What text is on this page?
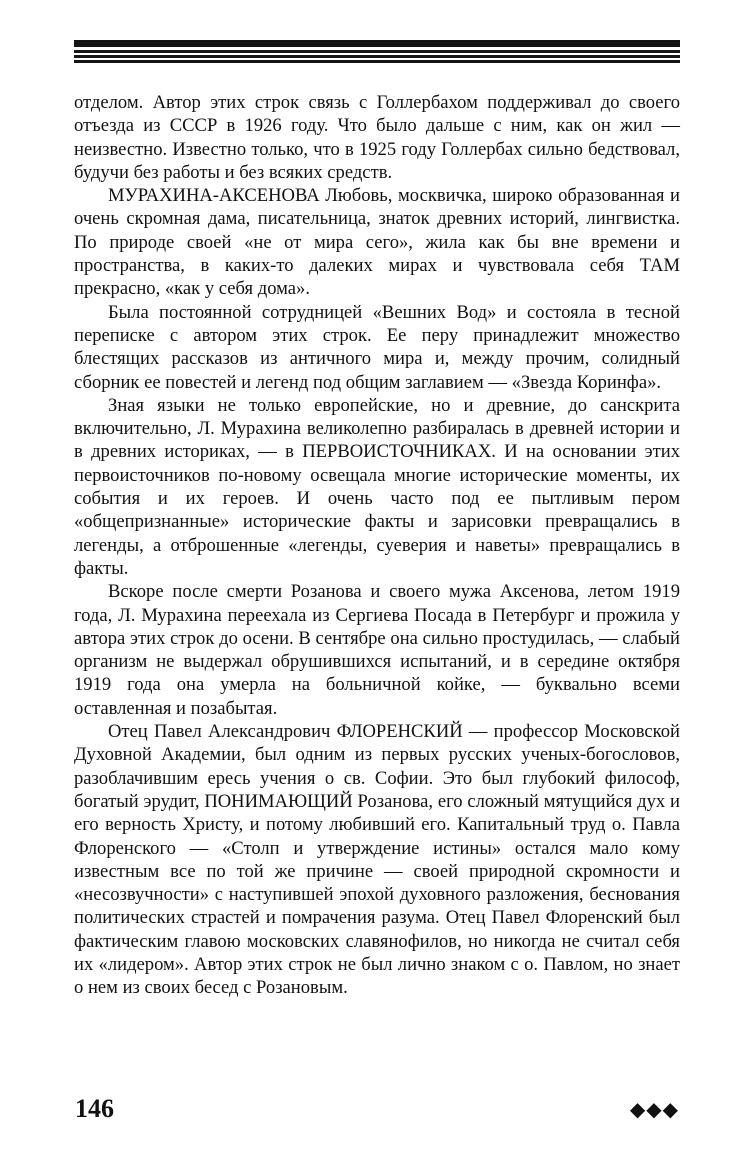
отделом. Автор этих строк связь с Голлербахом поддерживал до своего отъезда из СССР в 1926 году. Что было дальше с ним, как он жил — неизвестно. Известно только, что в 1925 году Голлербах сильно бедствовал, будучи без работы и без всяких средств.

МУРАХИНА-АКСЕНОВА Любовь, москвичка, широко образованная и очень скромная дама, писательница, знаток древних историй, лингвистка. По природе своей «не от мира сего», жила как бы вне времени и пространства, в каких-то далеких мирах и чувствовала себя ТАМ прекрасно, «как у себя дома».

Была постоянной сотрудницей «Вешних Вод» и состояла в тесной переписке с автором этих строк. Ее перу принадлежит множество блестящих рассказов из античного мира и, между прочим, солидный сборник ее повестей и легенд под общим заглавием — «Звезда Коринфа».

Зная языки не только европейские, но и древние, до санскрита включительно, Л. Мурахина великолепно разбиралась в древней истории и в древних историках, — в ПЕРВОИСТОЧНИКАХ. И на основании этих первоисточников по-новому освещала многие исторические моменты, их события и их героев. И очень часто под ее пытливым пером «общепризнанные» исторические факты и зарисовки превращались в легенды, а отброшенные «легенды, суеверия и наветы» превращались в факты.

Вскоре после смерти Розанова и своего мужа Аксенова, летом 1919 года, Л. Мурахина переехала из Сергиева Посада в Петербург и прожила у автора этих строк до осени. В сентябре она сильно простудилась, — слабый организм не выдержал обрушившихся испытаний, и в середине октября 1919 года она умерла на больничной койке, — буквально всеми оставленная и позабытая.

Отец Павел Александрович ФЛОРЕНСКИЙ — профессор Московской Духовной Академии, был одним из первых русских ученых-богословов, разоблачившим ересь учения о св. Софии. Это был глубокий философ, богатый эрудит, ПОНИМАЮЩИЙ Розанова, его сложный мятущийся дух и его верность Христу, и потому любивший его. Капитальный труд о. Павла Флоренского — «Столп и утверждение истины» остался мало кому известным все по той же причине — своей природной скромности и «несозвучности» с наступившей эпохой духовного разложения, беснования политических страстей и помрачения разума. Отец Павел Флоренский был фактическим главою московских славянофилов, но никогда не считал себя их «лидером». Автор этих строк не был лично знаком с о. Павлом, но знает о нем из своих бесед с Розановым.

146	◆◆◆
